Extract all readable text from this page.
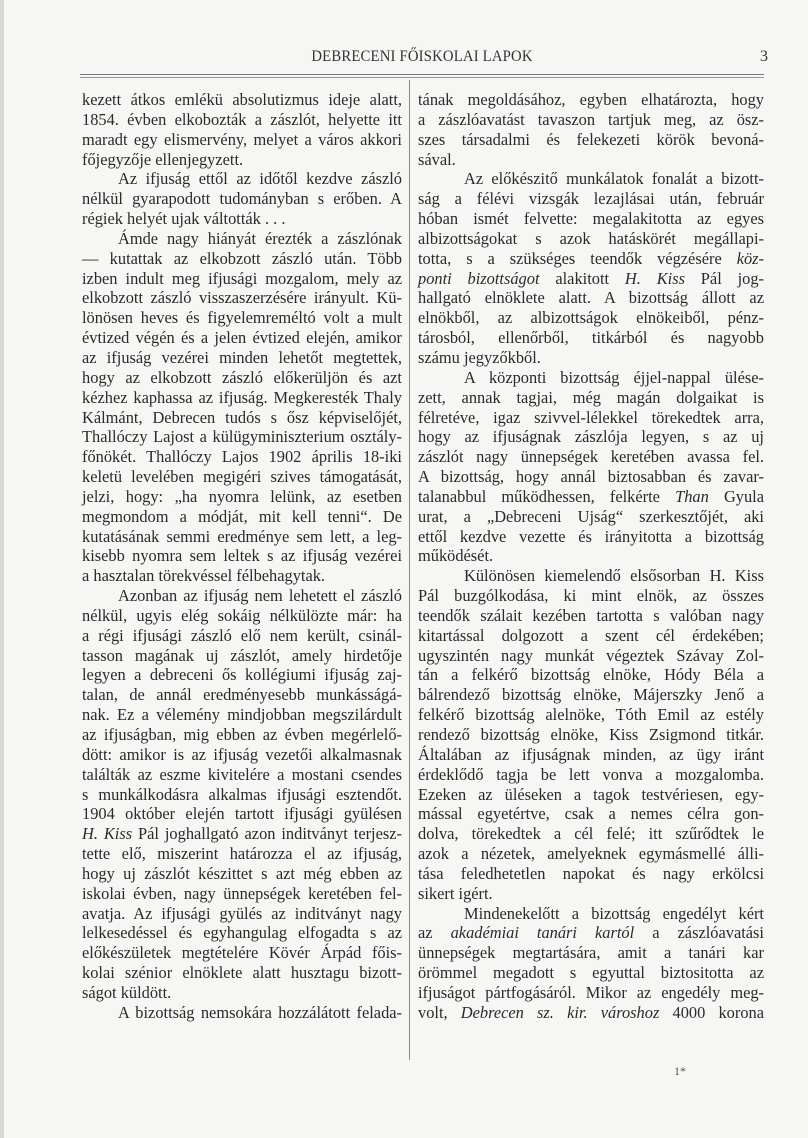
DEBRECENI FŐISKOLAI LAPOK	3
kezett átkos emlékü absolutizmus ideje alatt,
1854. évben elkobozták a zászlót, helyette itt
maradt egy elismervény, melyet a város akkori
főjegyzője ellenjegyzett.
Az ifjuság ettől az időtől kezdve zászló
nélkül gyarapodott tudományban s erőben. A
régiek helyét ujak váltották . . .
Ámde nagy hiányát érezték a zászlónak
— kutattak az elkobzott zászló után. Több
izben indult meg ifjusági mozgalom, mely az
elkobzott zászló visszaszerzésére irányult. Kü-
lönösen heves és figyelemreméltó volt a mult
évtized végén és a jelen évtized elején, amikor
az ifjuság vezérei minden lehetőt megtettek,
hogy az elkobzott zászló előkerüljön és azt
kézhez kaphassa az ifjuság. Megkeresték Thaly
Kálmánt, Debrecen tudós s ősz képviselőjét,
Thallóczy Lajost a külügyminiszterium osztály-
főnökét. Thallóczy Lajos 1902 április 18-iki
keletü levelében megigéri szives támogatását,
jelzi, hogy: „ha nyomra lelünk, az esetben
megmondom a módját, mit kell tenni“. De
kutatásának semmi eredménye sem lett, a leg-
kisebb nyomra sem leltek s az ifjuság vezérei
a hasztalan törekvéssel félbehagytak.
Azonban az ifjuság nem lehetett el zászló
nélkül, ugyis elég sokáig nélkülözte már: ha
a régi ifjusági zászló elő nem került, csinál-
tasson magának uj zászlót, amely hirdetője
legyen a debreceni ős kollégiumi ifjuság zaj-
talan, de annál eredményesebb munkásságá-
nak. Ez a vélemény mindjobban megszilárdult
az ifjuságban, mig ebben az évben megérlelő-
dött: amikor is az ifjuság vezetői alkalmasnak
találták az eszme kivitelére a mostani csendes
s munkálkodásra alkalmas ifjusági esztendőt.
1904 október elején tartott ifjusági gyülésen
H. Kiss Pál joghallgató azon inditványt terjesz-
tette elő, miszerint határozza el az ifjuság,
hogy uj zászlót készittet s azt még ebben az
iskolai évben, nagy ünnepségek keretében fel-
avatja. Az ifjusági gyülés az inditványt nagy
lelkesedéssel és egyhangulag elfogadta s az
előkészületek megtételére Kövér Árpád főis-
kolai szénior elnöklete alatt husztagu bizott-
ságot küldött.
A bizottság nemsokára hozzálátott felada-
tának megoldásához, egyben elhatározta, hogy
a zászlóavatást tavaszon tartjuk meg, az ösz-
szes társadalmi és felekezeti körök bevoná-
sával.
Az előkészitő munkálatok fonalát a bizott-
ság a félévi vizsgák lezajlásai után, február
hóban ismét felvette: megalakitotta az egyes
albizottságokat s azok hatáskörét megállapi-
totta, s a szükséges teendők végzésére köz-
ponti bizottságot alakitott H. Kiss Pál jog-
hallgató elnöklete alatt. A bizottság állott az
elnökből, az albizottságok elnökeiből, pénz-
tárosból, ellenőrből, titkárból és nagyobb
számu jegyzőkből.
A központi bizottság éjjel-nappal ülése-
zett, annak tagjai, még magán dolgaikat is
félretéve, igaz szivvel-lélekkel törekedtek arra,
hogy az ifjuságnak zászlója legyen, s az uj
zászlót nagy ünnepségek keretében avassa fel.
A bizottság, hogy annál biztosabban és zavar-
talanabbul működhessen, felkérte Than Gyula
urat, a „Debreceni Ujság“ szerkesztőjét, aki
ettől kezdve vezette és irányitotta a bizottság
működését.
Különösen kiemelendő elsősorban H. Kiss
Pál buzgólkodása, ki mint elnök, az összes
teendők szálait kezében tartotta s valóban nagy
kitartással dolgozott a szent cél érdekében;
ugyszintén nagy munkát végeztek Szávay Zol-
tán a felkérő bizottság elnöke, Hódy Béla a
bálrendező bizottság elnöke, Májerszky Jenő a
felkérő bizottság alelnöke, Tóth Emil az estély
rendező bizottság elnöke, Kiss Zsigmond titkár.
Általában az ifjuságnak minden, az ügy iránt
érdeklődő tagja be lett vonva a mozgalomba.
Ezeken az üléseken a tagok testvériesen, egy-
mással egyetértve, csak a nemes célra gon-
dolva, törekedtek a cél felé; itt szűrődtek le
azok a nézetek, amelyeknek egymásmellé álli-
tása feledhetetlen napokat és nagy erkölcsi
sikert igért.
Mindenekelőtt a bizottság engedélyt kért
az akadémiai tanári kartól a zászlóavatási
ünnepségek megtartására, amit a tanári kar
örömmel megadott s egyuttal biztositotta az
ifjuságot pártfogásáról. Mikor az engedély meg-
volt, Debrecen sz. kir. városhoz 4000 korona
1*
